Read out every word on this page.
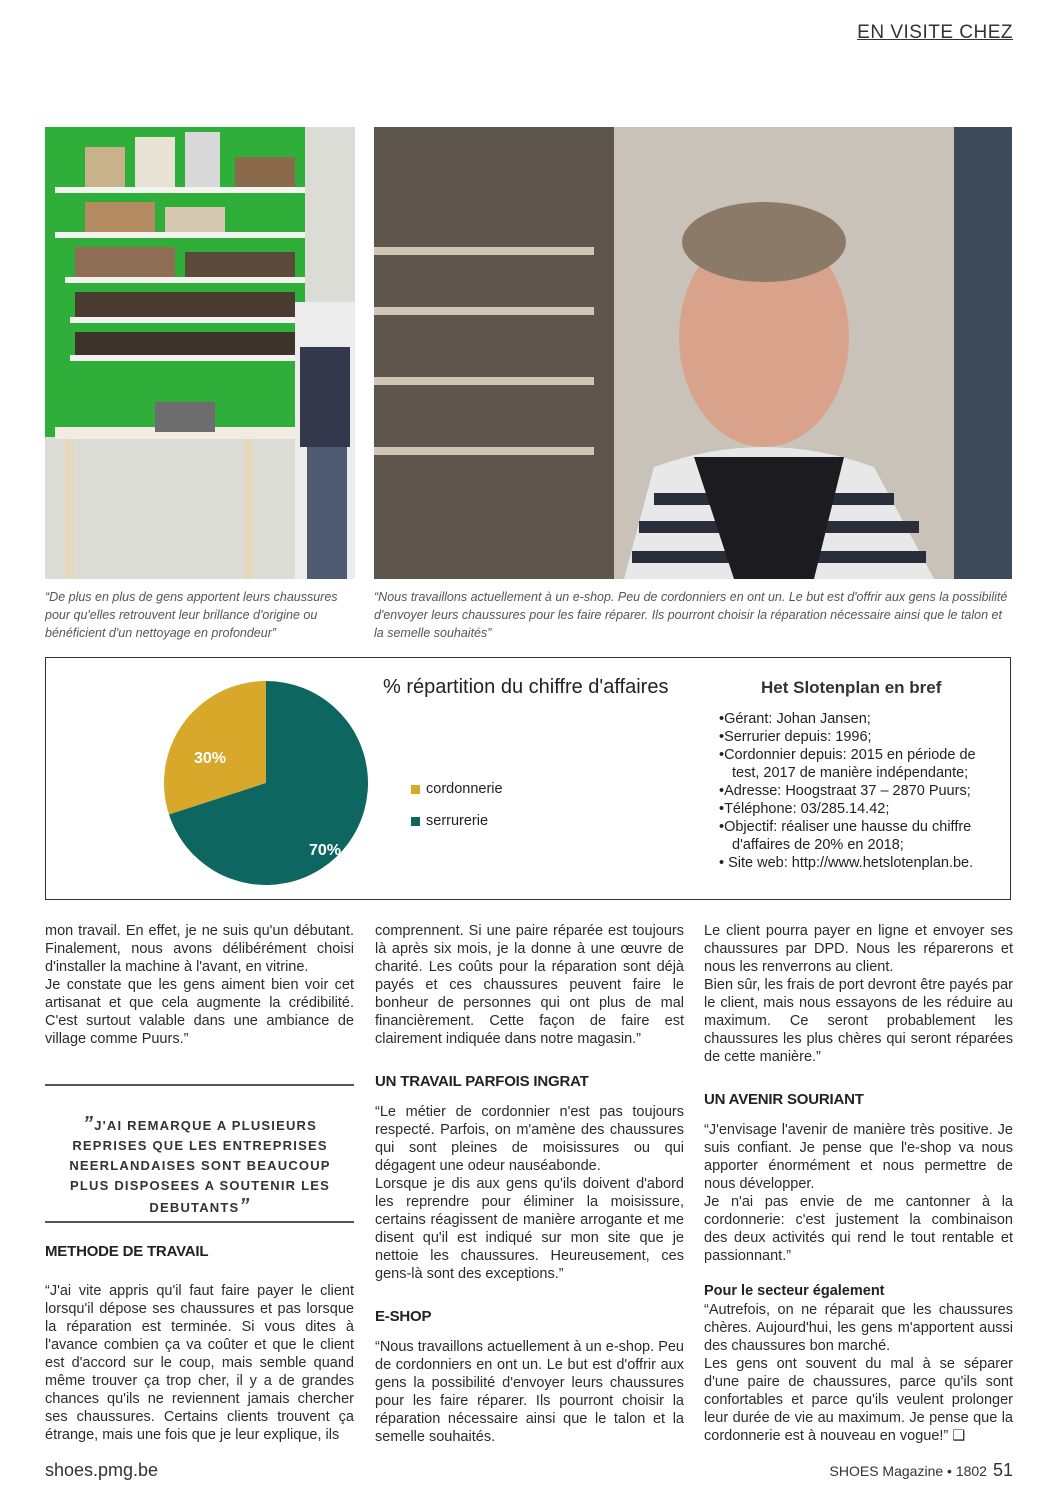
EN VISITE CHEZ
“De plus en plus de gens apportent leurs chaussures pour qu'elles retrouvent leur brillance d'origine ou bénéficient d'un nettoyage en profondeur”
“Nous travaillons actuellement à un e-shop. Peu de cordonniers en ont un. Le but est d'offrir aux gens la possibilité d'envoyer leurs chaussures pour les faire réparer. Ils pourront choisir la réparation nécessaire ainsi que le talon et la semelle souhaités”
30%
70%
% répartition du chiffre d'affaires
cordonnerie
serrurerie
Het Slotenplan en bref
•Gérant: Johan Jansen;
•Serrurier depuis: 1996;
•Cordonnier depuis: 2015 en période de test, 2017 de manière indépendante;
•Adresse: Hoogstraat 37 – 2870 Puurs;
•Téléphone: 03/285.14.42;
•Objectif: réaliser une hausse du chiffre d'affaires de 20% en 2018;
• Site web: http://www.hetslotenplan.be.

mon travail. En effet, je ne suis qu'un débutant. Finalement, nous avons délibérément choisi d'installer la machine à l'avant, en vitrine.

Je constate que les gens aiment bien voir cet artisanat et que cela augmente la crédibilité. C'est surtout valable dans une ambiance de village comme Puurs.”

”J'AI REMARQUE A PLUSIEURS REPRISES QUE LES ENTREPRISES NEERLANDAISES SONT BEAUCOUP PLUS DISPOSEES A SOUTENIR LES DEBUTANTS”
METHODE DE TRAVAIL
“J'ai vite appris qu'il faut faire payer le client lorsqu'il dépose ses chaussures et pas lorsque la réparation est terminée. Si vous dites à l'avance combien ça va coûter et que le client est d'accord sur le coup, mais semble quand même trouver ça trop cher, il y a de grandes chances qu'ils ne reviennent jamais chercher ses chaussures. Certains clients trouvent ça étrange, mais une fois que je leur explique, ils
comprennent. Si une paire réparée est toujours là après six mois, je la donne à une œuvre de charité. Les coûts pour la réparation sont déjà payés et ces chaussures peuvent faire le bonheur de personnes qui ont plus de mal financièrement. Cette façon de faire est clairement indiquée dans notre magasin.”
UN TRAVAIL PARFOIS INGRAT

“Le métier de cordonnier n'est pas toujours respecté. Parfois, on m'amène des chaussures qui sont pleines de moisissures ou qui dégagent une odeur nauséabonde.

Lorsque je dis aux gens qu'ils doivent d'abord les reprendre pour éliminer la moisissure, certains réagissent de manière arrogante et me disent qu'il est indiqué sur mon site que je nettoie les chaussures. Heureusement, ces gens-là sont des exceptions.”

E-SHOP
“Nous travaillons actuellement à un e-shop. Peu de cordonniers en ont un. Le but est d'offrir aux gens la possibilité d'envoyer leurs chaussures pour les faire réparer. Ils pourront choisir la réparation nécessaire ainsi que le talon et la semelle souhaités.

Le client pourra payer en ligne et envoyer ses chaussures par DPD. Nous les réparerons et nous les renverrons au client.

Bien sûr, les frais de port devront être payés par le client, mais nous essayons de les réduire au maximum. Ce seront probablement les chaussures les plus chères qui seront réparées de cette manière.”

UN AVENIR SOURIANT

“J'envisage l'avenir de manière très positive. Je suis confiant. Je pense que l'e-shop va nous apporter énormément et nous permettre de nous développer.

Je n'ai pas envie de me cantonner à la cordonnerie: c'est justement la combinaison des deux activités qui rend le tout rentable et passionnant.”

Pour le secteur également

“Autrefois, on ne réparait que les chaussures chères. Aujourd'hui, les gens m'apportent aussi des chaussures bon marché.

Les gens ont souvent du mal à se séparer d'une paire de chaussures, parce qu'ils sont confortables et parce qu'ils veulent prolonger leur durée de vie au maximum. Je pense que la cordonnerie est à nouveau en vogue!” ❑

shoes.pmg.be	SHOES Magazine • 1802 51
